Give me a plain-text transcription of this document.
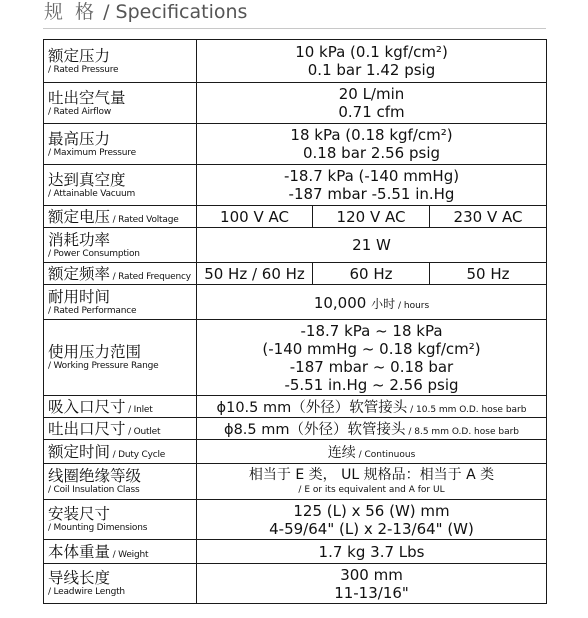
规 格 / Specifications
额定压力
/ Rated Pressure	10 kPa (0.1 kgf/cm²)
0.1 bar 1.42 psig		

吐出空气量
/ Rated Airflow	20 L/min
0.71 cfm		

最高压力
/ Maximum Pressure	18 kPa (0.18 kgf/cm²)
0.18 bar 2.56 psig		

达到真空度
/ Attainable Vacuum	-18.7 kPa (-140 mmHg)
-187 mbar -5.51 in.Hg		

额定电压 / Rated Voltage	100 V AC	120 V AC	230 V AC

消耗功率
/ Power Consumption	21 W		

额定频率 / Rated Frequency	50 Hz / 60 Hz	60 Hz	50 Hz

耐用时间
/ Rated Performance	10,000 小时 / hours		

使用压力范围
/ Working Pressure Range	-18.7 kPa ~ 18 kPa
(-140 mmHg ~ 0.18 kgf/cm²)
-187 mbar ~ 0.18 bar
-5.51 in.Hg ~ 2.56 psig		

吸入口尺寸 / Inlet	ϕ10.5 mm（外径）软管接头 / 10.5 mm O.D. hose barb		
吐出口尺寸 / Outlet	ϕ8.5 mm（外径）软管接头 / 8.5 mm O.D. hose barb		
额定时间 / Duty Cycle	连续 / Continuous		

线圈绝缘等级
/ Coil Insulation Class	相当于 E 类， UL 规格品：相当于 A 类
/ E or its equivalent and A for UL		

安装尺寸
/ Mounting Dimensions	125 (L) x 56 (W) mm
4-59/64" (L) x 2-13/64" (W)		

本体重量 / Weight	1.7 kg 3.7 Lbs		

导线长度
/ Leadwire Length	300 mm
11-13/16"		
